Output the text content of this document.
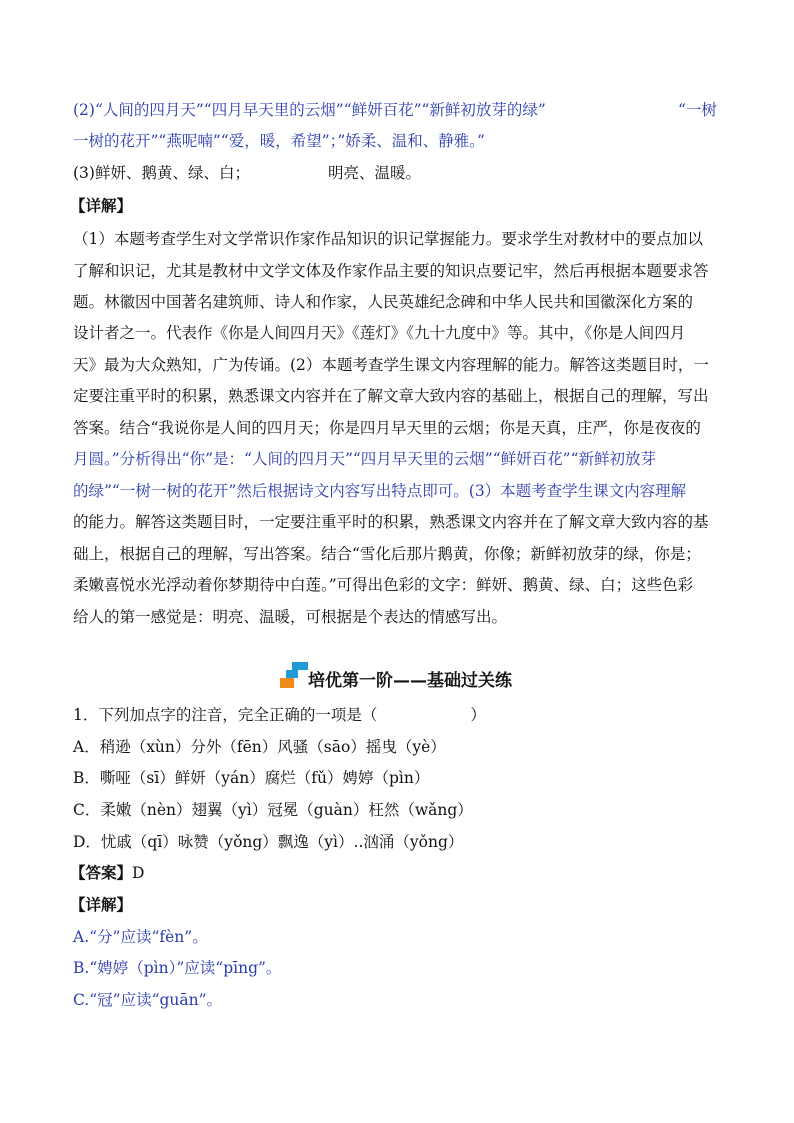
(2)“人间的四月天”“四月早天里的云烟”“鲜妍百花”“新鲜初放芽的绿”	“一树
一树的花开”“燕呢喃”“爱，暖，希望”；”娇柔、温和、静雅。”
(3)鲜妍、鹅黄、绿、白；	明亮、温暖。
【详解】
（1）本题考查学生对文学常识作家作品知识的识记掌握能力。要求学生对教材中的要点加以
了解和识记，尤其是教材中文学文体及作家作品主要的知识点要记牢，然后再根据本题要求答
题。林徽因中国著名建筑师、诗人和作家，人民英雄纪念碑和中华人民共和国徽深化方案的
设计者之一。代表作《你是人间四月天》《莲灯》《九十九度中》等。其中，《你是人间四月
天》最为大众熟知，广为传诵。(2）本题考查学生课文内容理解的能力。解答这类题目时，一
定要注重平时的积累，熟悉课文内容并在了解文章大致内容的基础上，根据自己的理解，写出
答案。结合“我说你是人间的四月天；你是四月早天里的云烟；你是天真，庄严，你是夜夜的
月圆。”分析得出“你”是：“人间的四月天”“四月早天里的云烟”“鲜妍百花”“新鲜初放芽
的绿”“一树一树的花开”然后根据诗文内容写出特点即可。(3）本题考查学生课文内容理解
的能力。解答这类题目时，一定要注重平时的积累，熟悉课文内容并在了解文章大致内容的基
础上，根据自己的理解，写出答案。结合“雪化后那片鹅黄，你像；新鲜初放芽的绿，你是；
柔嫩喜悦水光浮动着你梦期待中白莲。”可得出色彩的文字：鲜妍、鹅黄、绿、白；这些色彩
给人的第一感觉是：明亮、温暖，可根据是个表达的情感写出。
培优第一阶——基础过关练
1．下列加点字的注音，完全正确的一项是（　　　　　　）
A．稍逊（xùn）分外（fēn）风骚（sāo）摇曳（yè）
B．嘶哑（sī）鲜妍（yán）腐烂（fǔ）娉婷（pìn）
C．柔嫩（nèn）翅翼（yì）冠冕（guàn）枉然（wǎng）
D．忧戚（qī）咏赞（yǒng）飘逸（yì）..汹涌（yǒng）
【答案】D
【详解】
A.“分”应读“fèn”。
B.“娉婷（pìn）”应读“pīng”。
C.“冠”应读“guān”。
